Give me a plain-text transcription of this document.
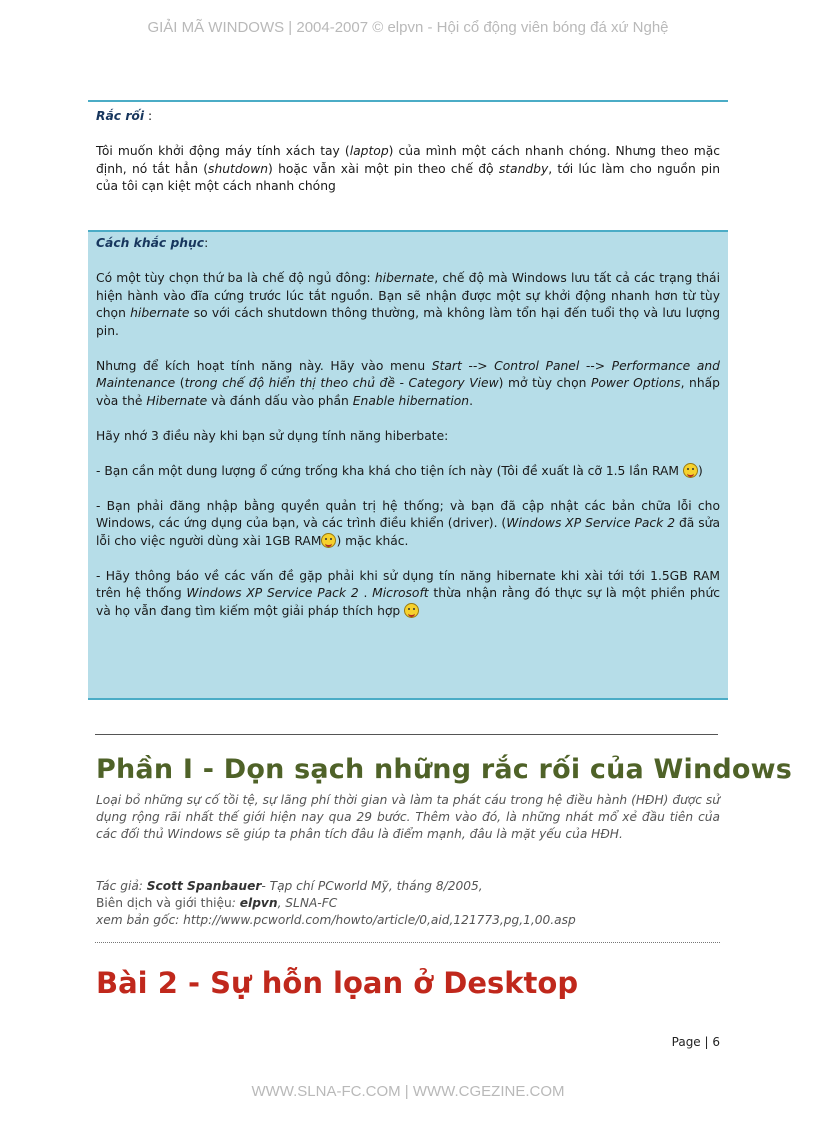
GIẢI MÃ WINDOWS | 2004-2007 © elpvn - Hội cổ động viên bóng đá xứ Nghệ

Rắc rối :

Tôi muốn khởi động máy tính xách tay (laptop) của mình một cách nhanh chóng. Nhưng theo mặc định, nó tắt hẳn (shutdown) hoặc vẫn xài một pin theo chế độ standby, tới lúc làm cho nguồn pin của tôi cạn kiệt một cách nhanh chóng

Cách khắc phục:

Có một tùy chọn thứ ba là chế độ ngủ đông: hibernate, chế độ mà Windows lưu tất cả các trạng thái hiện hành vào đĩa cứng trước lúc tắt nguồn. Bạn sẽ nhận được một sự khởi động nhanh hơn từ tùy chọn hibernate so với cách shutdown thông thường, mà không làm tổn hại đến tuổi thọ và lưu lượng pin.

Nhưng để kích hoạt tính năng này. Hãy vào menu Start --> Control Panel --> Performance and Maintenance (trong chế độ hiển thị theo chủ đề - Category View) mở tùy chọn Power Options, nhấp vòa thẻ Hibernate và đánh dấu vào phần Enable hibernation.

Hãy nhớ 3 điều này khi bạn sử dụng tính năng hiberbate:

- Bạn cần một dung lượng ổ cứng trống kha khá cho tiện ích này (Tôi đề xuất là cỡ 1.5 lần RAM )

- Bạn phải đăng nhập bằng quyền quản trị hệ thống; và bạn đã cập nhật các bản chữa lỗi cho Windows, các ứng dụng của bạn, và các trình điều khiển (driver). (Windows XP Service Pack 2 đã sửa lỗi cho việc người dùng xài 1GB RAM ) mặc khác.

- Hãy thông báo về các vấn đề gặp phải khi sử dụng tín năng hibernate khi xài tới tới 1.5GB RAM trên hệ thống Windows XP Service Pack 2 . Microsoft thừa nhận rằng đó thực sự là một phiền phức và họ vẫn đang tìm kiếm một giải pháp thích hợp

Phần I - Dọn sạch những rắc rối của Windows
Loại bỏ những sự cố tồi tệ, sự lãng phí thời gian và làm ta phát cáu trong hệ điều hành (HĐH) được sử dụng rộng rãi nhất thế giới hiện nay qua 29 bước. Thêm vào đó, là những nhát mổ xẻ đầu tiên của các đối thủ Windows sẽ giúp ta phân tích đâu là điểm mạnh, đâu là mặt yếu của HĐH.
Tác giả: Scott Spanbauer- Tạp chí PCworld Mỹ, tháng 8/2005,
Biên dịch và giới thiệu: elpvn, SLNA-FC
xem bản gốc: http://www.pcworld.com/howto/article/0,aid,121773,pg,1,00.asp
Bài 2 - Sự hỗn lọan ở Desktop
Page | 6
WWW.SLNA-FC.COM | WWW.CGEZINE.COM
